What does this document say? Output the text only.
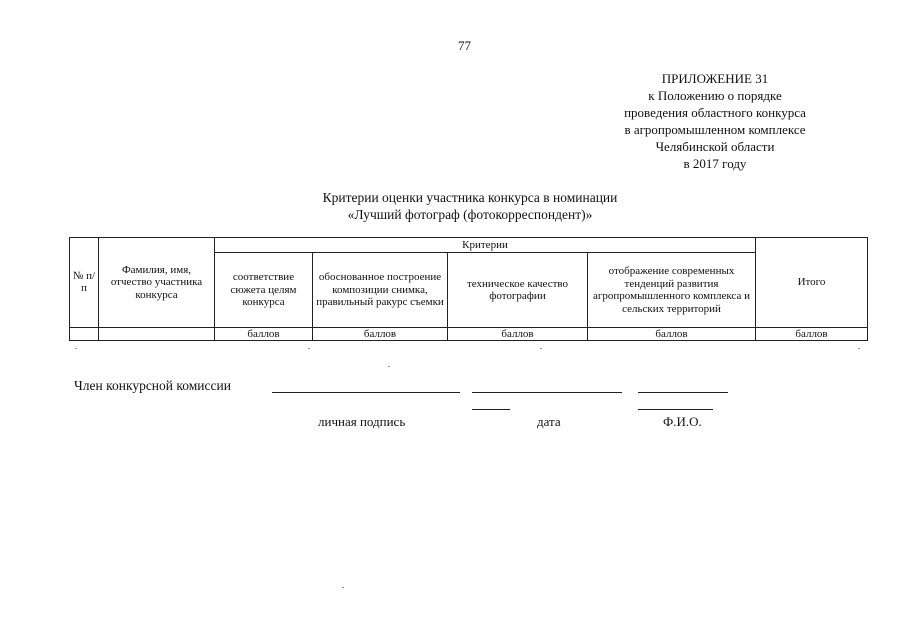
77
ПРИЛОЖЕНИЕ 31
к Положению о порядке
проведения областного конкурса
в агропромышленном комплексе
Челябинской области
в 2017 году
Критерии оценки участника конкурса в номинации
«Лучший фотограф (фотокорреспондент)»
№ п/п	Фамилия, имя, отчество участника конкурса	Критерии				Итого
		соответствие сюжета целям конкурса	обоснованное построение композиции снимка, правильный ракурс съемки	техническое качество фотографии	отображение современных тенденций развития агропромышленного комплекса и сельских территорий	
		баллов	баллов	баллов	баллов	баллов
Член конкурсной комиссии
личная подпись	дата	Ф.И.О.
